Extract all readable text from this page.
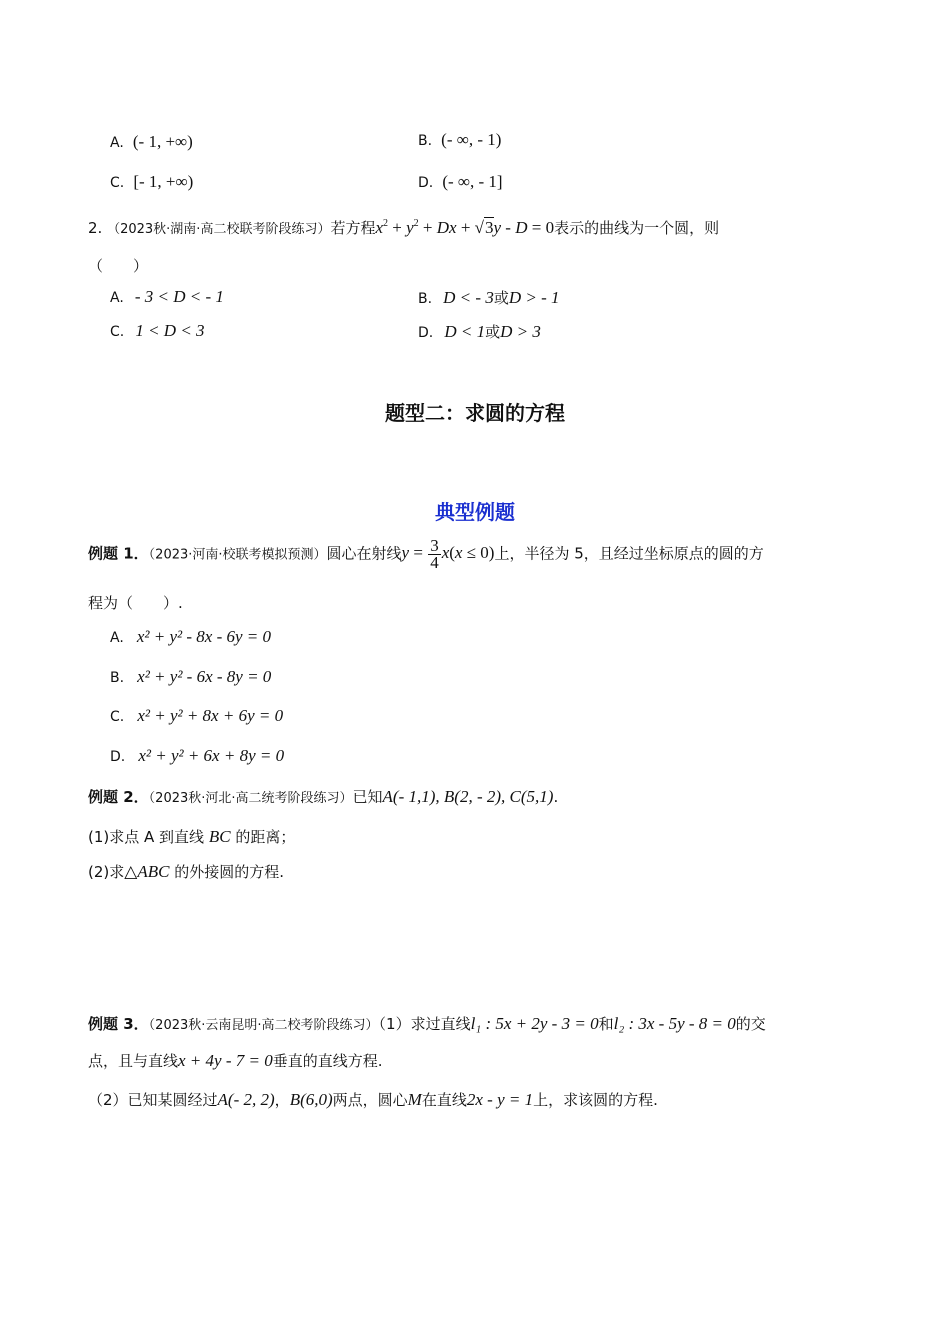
A. (- 1, +∞)	B. (- ∞, - 1)
C. [- 1, +∞)	D. (- ∞, - 1]
2. （2023秋·湖南·高二校联考阶段练习）若方程$x^2 + y^2 + Dx + √3y - D = 0$表示的曲线为一个圆，则
（　　）
A. - 3 < D < - 1	B. D < - 3或D > - 1
C. 1 < D < 3	D. D < 1或D > 3
题型二：求圆的方程
典型例题
例题 1．（2023·河南·校联考模拟预测）圆心在射线$y = \frac{3}{4} x(x \le 0)$上，半径为 5，且经过坐标原点的圆的方
程为（　　）.
A. x² + y² - 8x - 6y = 0
B. x² + y² - 6x - 8y = 0
C. x² + y² + 8x + 6y = 0
D. x² + y² + 6x + 8y = 0
例题 2．（2023秋·河北·高二统考阶段练习）已知A(- 1,1), B(2, - 2), C(5,1).
(1)求点 A 到直线 BC 的距离；
(2)求△ABC 的外接圆的方程.
例题 3．（2023秋·云南昆明·高二校考阶段练习）（1）求过直线l₁ : 5x + 2y - 3 = 0和l₂ : 3x - 5y - 8 = 0的交
点，且与直线x + 4y - 7 = 0垂直的直线方程.
（2）已知某圆经过A(- 2, 2)，B(6,0)两点，圆心M在直线2x - y = 1上，求该圆的方程.
